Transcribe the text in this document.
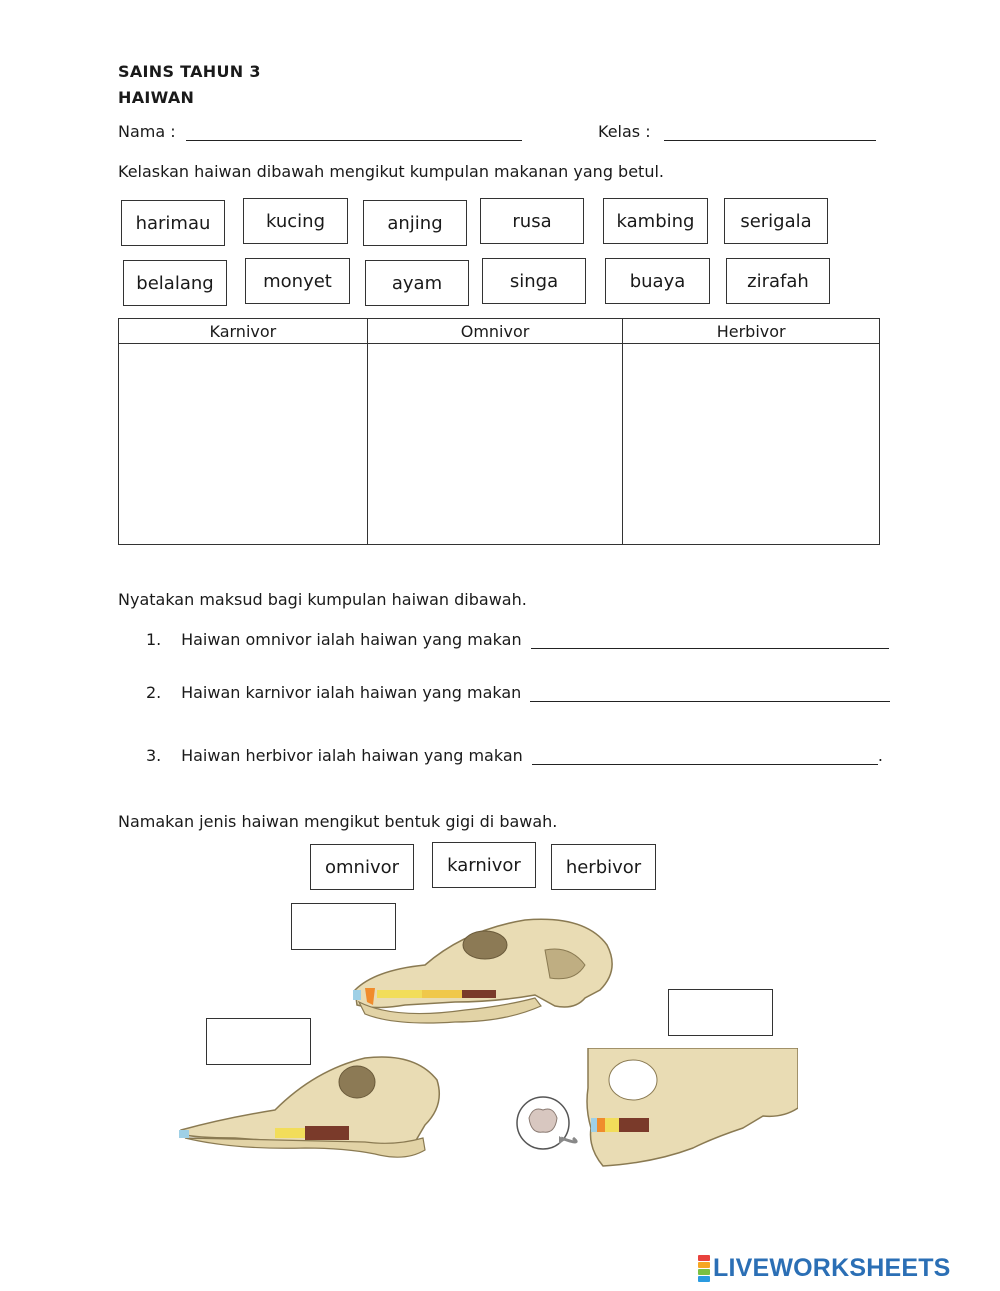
SAINS TAHUN 3
HAIWAN
Nama :	Kelas :
Kelaskan haiwan dibawah mengikut kumpulan makanan yang betul.
harimau	kucing	anjing	rusa	kambing	serigala
belalang	monyet	ayam	singa	buaya	zirafah
Karnivor	Omnivor	Herbivor

Nyatakan maksud bagi kumpulan haiwan dibawah.
1. Haiwan omnivor ialah haiwan yang makan
2. Haiwan karnivor ialah haiwan yang makan
3. Haiwan herbivor ialah haiwan yang makan	.
Namakan jenis haiwan mengikut bentuk gigi di bawah.
omnivor	karnivor	herbivor
LIVEWORKSHEETS
